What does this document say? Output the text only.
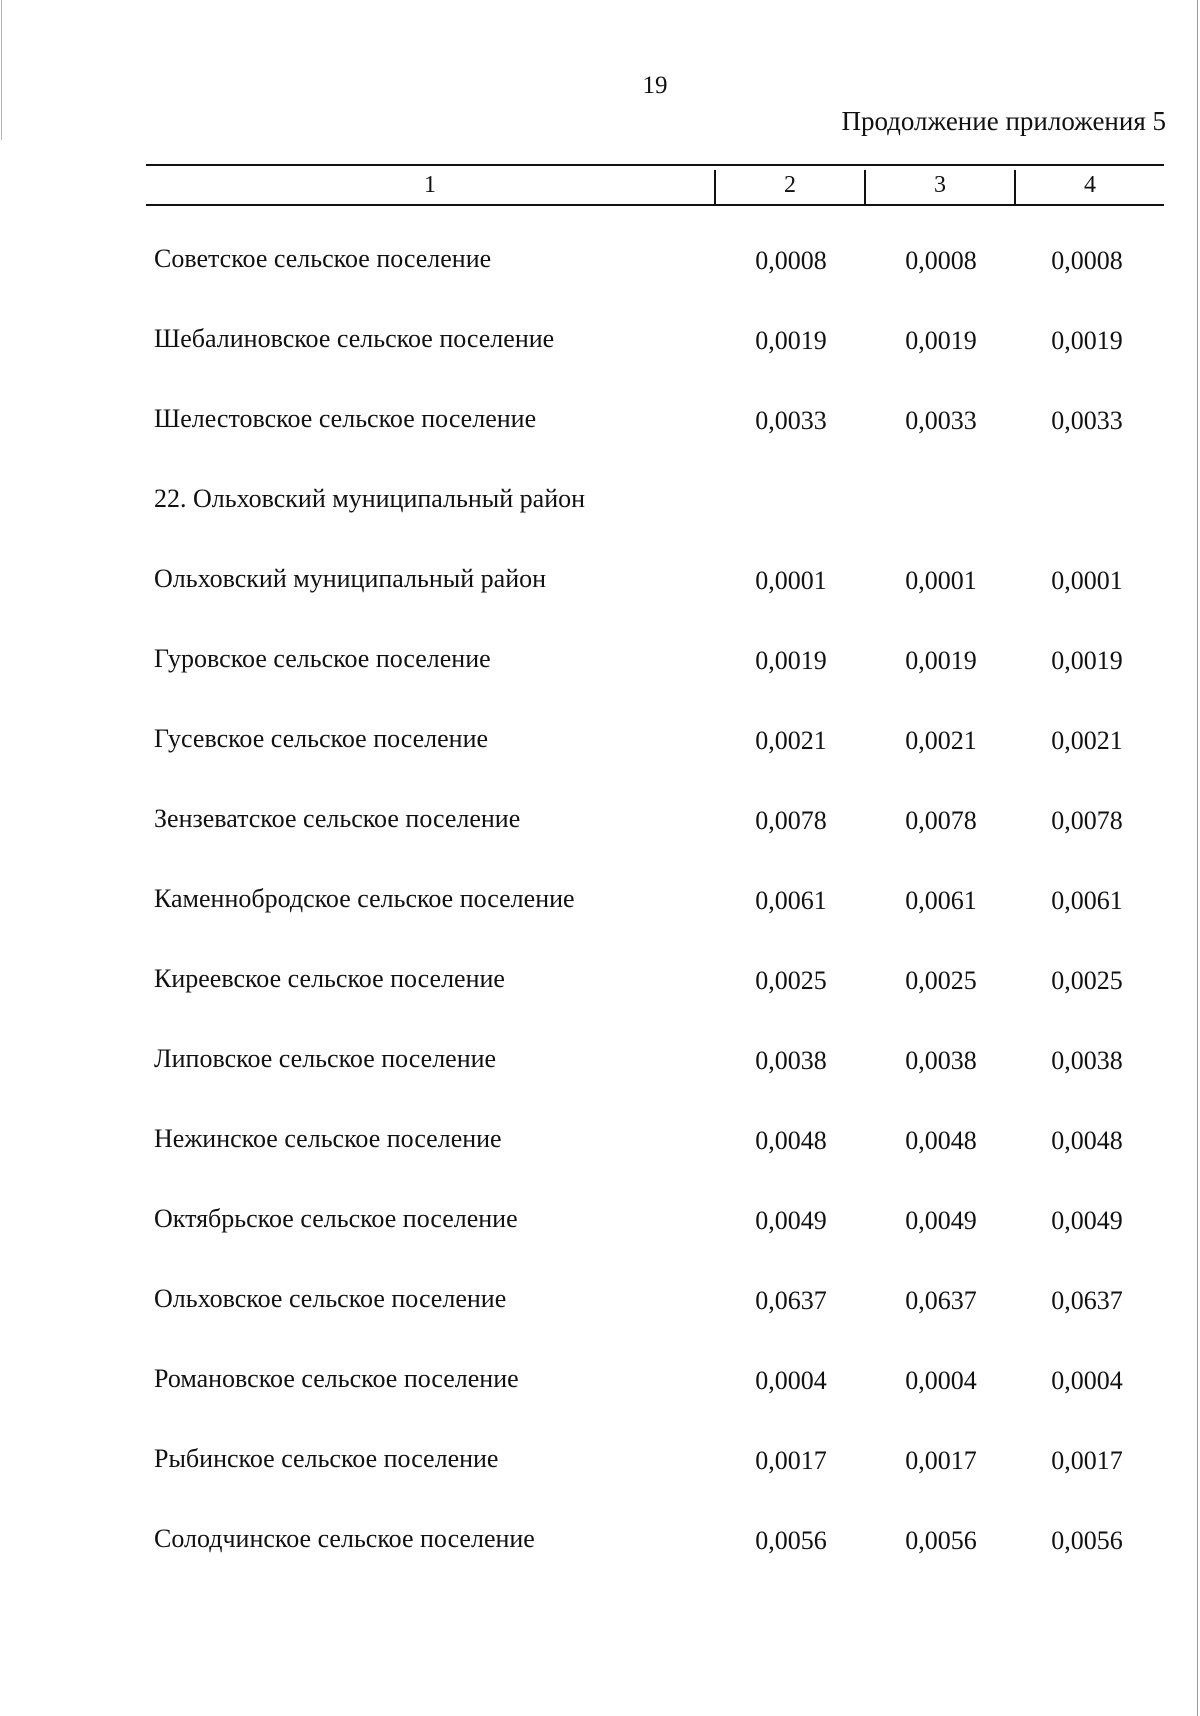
19
Продолжение приложения 5
1	2	3	4
Советское сельское поселение	0,0008	0,0008	0,0008
Шебалиновское сельское поселение	0,0019	0,0019	0,0019
Шелестовское сельское поселение	0,0033	0,0033	0,0033
22. Ольховский муниципальный район
Ольховский муниципальный район	0,0001	0,0001	0,0001
Гуровское сельское поселение	0,0019	0,0019	0,0019
Гусевское сельское поселение	0,0021	0,0021	0,0021
Зензеватское сельское поселение	0,0078	0,0078	0,0078
Каменнобродское сельское поселение	0,0061	0,0061	0,0061
Киреевское сельское поселение	0,0025	0,0025	0,0025
Липовское сельское поселение	0,0038	0,0038	0,0038
Нежинское сельское поселение	0,0048	0,0048	0,0048
Октябрьское сельское поселение	0,0049	0,0049	0,0049
Ольховское сельское поселение	0,0637	0,0637	0,0637
Романовское сельское поселение	0,0004	0,0004	0,0004
Рыбинское сельское поселение	0,0017	0,0017	0,0017
Солодчинское сельское поселение	0,0056	0,0056	0,0056
